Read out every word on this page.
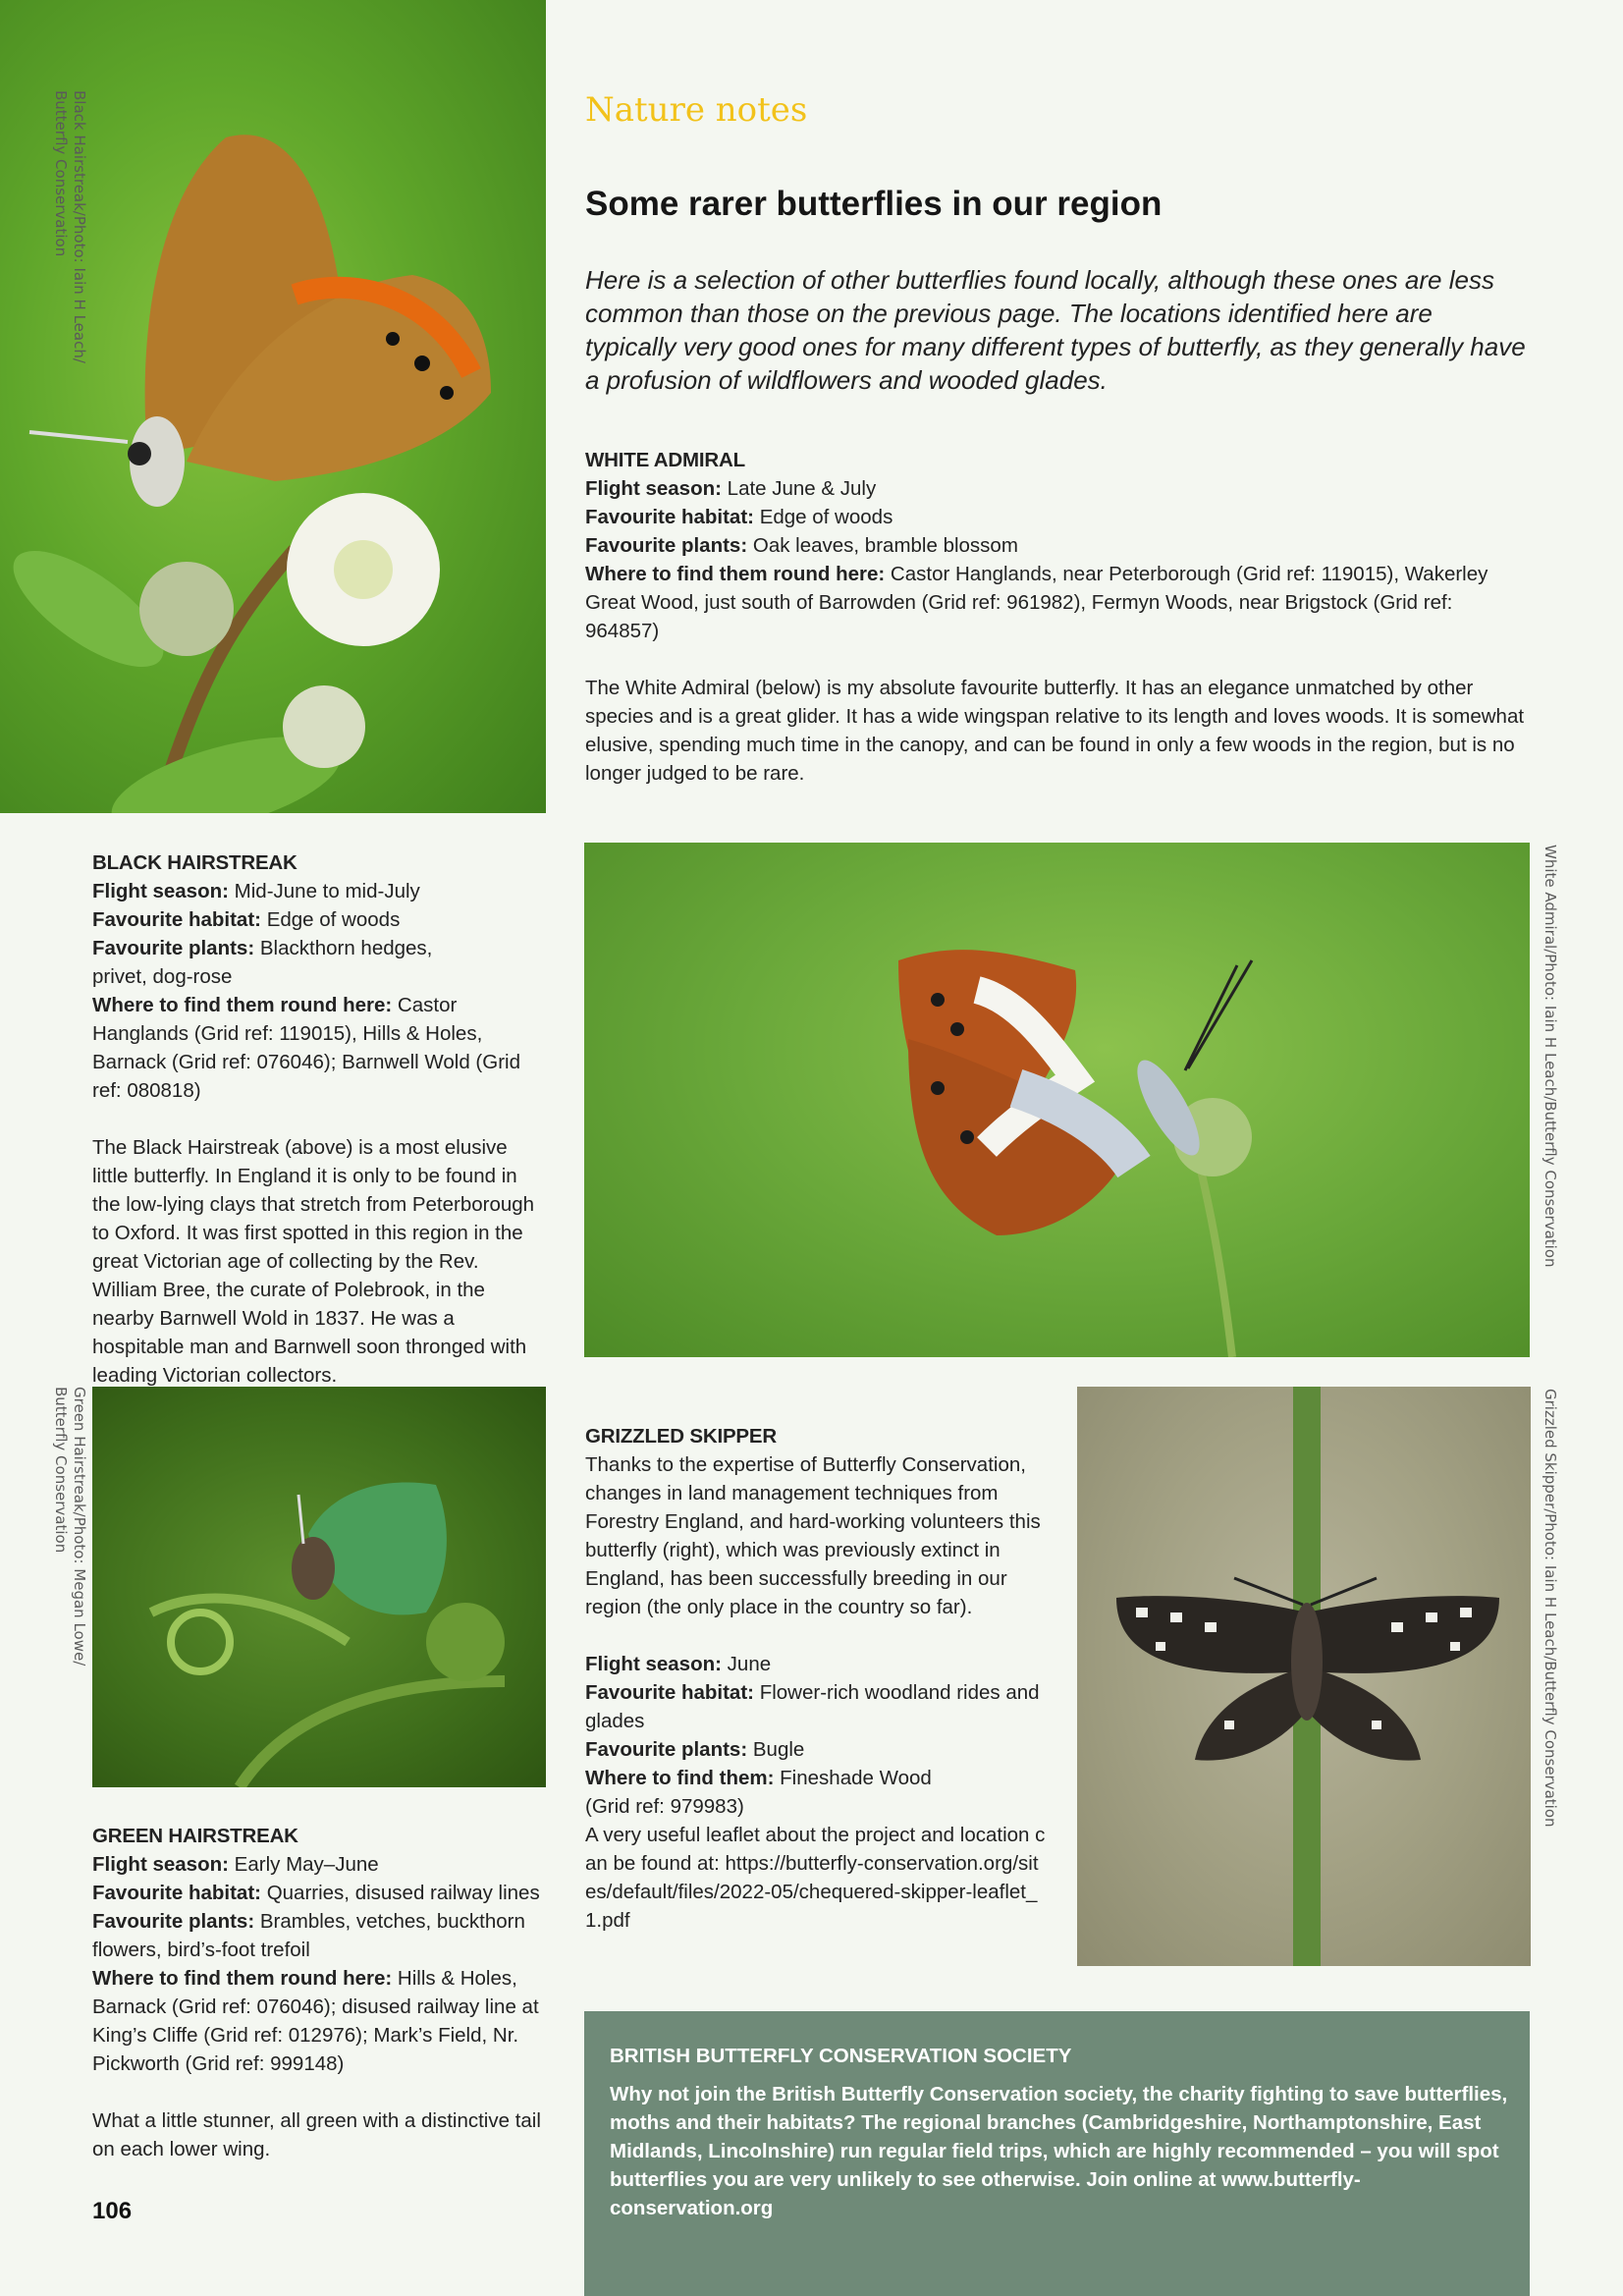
Black Hairstreak/Photo: Iain H Leach/
Butterfly Conservation
White Admiral/Photo: Iain H Leach/Butterfly Conservation
Green Hairstreak/Photo: Megan Lowe/
Butterfly Conservation	Grizzled Skipper/Photo: Iain H Leach/Butterfly Conservation
Nature notes
Some rarer butterflies in our region
Here is a selection of other butterflies found locally, although these ones are less common than those on the previous page. The locations identified here are typically very good ones for many different types of butterfly, as they generally have a profusion of wildflowers and wooded glades.
WHITE ADMIRAL
Flight season: Late June & July
Favourite habitat: Edge of woods
Favourite plants: Oak leaves, bramble blossom
Where to find them round here: Castor Hanglands, near Peterborough (Grid ref: 119015), Wakerley Great Wood, just south of Barrowden (Grid ref: 961982), Fermyn Woods, near Brigstock (Grid ref: 964857)

The White Admiral (below) is my absolute favourite butterfly. It has an elegance unmatched by other species and is a great glider. It has a wide wingspan relative to its length and loves woods. It is somewhat elusive, spending much time in the canopy, and can be found in only a few woods in the region, but is no longer judged to be rare.

BLACK HAIRSTREAK
Flight season: Mid-June to mid-July
Favourite habitat: Edge of woods
Favourite plants: Blackthorn hedges, privet, dog-rose
Where to find them round here: Castor Hanglands (Grid ref: 119015), Hills & Holes, Barnack (Grid ref: 076046); Barnwell Wold (Grid ref: 080818)

The Black Hairstreak (above) is a most elusive little butterfly. In England it is only to be found in the low-lying clays that stretch from Peterborough to Oxford. It was first spotted in this region in the great Victorian age of collecting by the Rev. William Bree, the curate of Polebrook, in the nearby Barnwell Wold in 1837. He was a hospitable man and Barnwell soon thronged with leading Victorian collectors.

GRIZZLED SKIPPER
Thanks to the expertise of Butterfly Conservation, changes in land management techniques from Forestry England, and hard-working volunteers this butterfly (right), which was previously extinct in England, has been successfully breeding in our region (the only place in the country so far).

Flight season: June
Favourite habitat: Flower-rich woodland rides and glades
Favourite plants: Bugle
Where to find them: Fineshade Wood (Grid ref: 979983)
A very useful leaflet about the project and location can be found at: https://butterfly-conservation.org/sites/default/files/2022-05/chequered-skipper-leaflet_1.pdf

GREEN HAIRSTREAK
Flight season: Early May–June
Favourite habitat: Quarries, disused railway lines
Favourite plants: Brambles, vetches, buckthorn flowers, bird’s-foot trefoil
Where to find them round here: Hills & Holes, Barnack (Grid ref: 076046); disused railway line at King’s Cliffe (Grid ref: 012976); Mark’s Field, Nr. Pickworth (Grid ref: 999148)

What a little stunner, all green with a distinctive tail on each lower wing.

BRITISH BUTTERFLY CONSERVATION SOCIETY
Why not join the British Butterfly Conservation society, the charity fighting to save butterflies, moths and their habitats? The regional branches (Cambridgeshire, Northamptonshire, East Midlands, Lincolnshire) run regular field trips, which are highly recommended – you will spot butterflies you are very unlikely to see otherwise. Join online at www.butterfly-conservation.org
106
